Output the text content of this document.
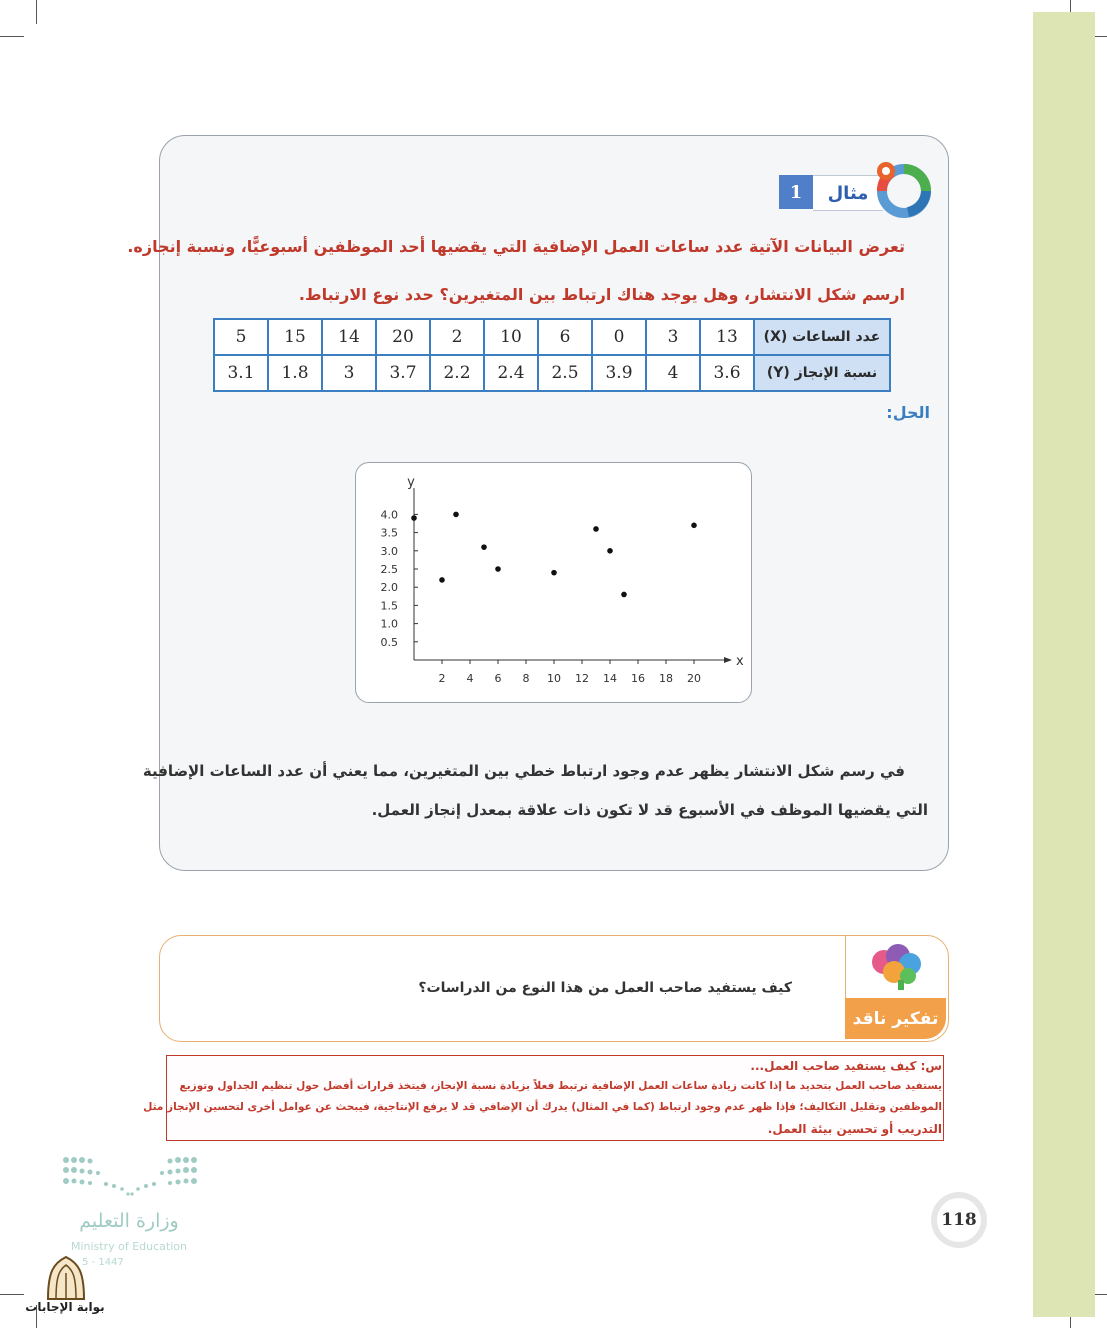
مثال
1
تعرض البيانات الآتية عدد ساعات العمل الإضافية التي يقضيها أحد الموظفين أسبوعيًّا، ونسبة إنجازه.
ارسم شكل الانتشار، وهل يوجد هناك ارتباط بين المتغيرين؟ حدد نوع الارتباط.
5	15	14	20	2	10	6	0	3	13	عدد الساعات (X)
3.1	1.8	3	3.7	2.2	2.4	2.5	3.9	4	3.6	نسبة الإنجاز (Y)
الحل:
x
y
2 4 6 8 10 12 14 16 18 20
0.5
1.5
1.0
2.0
2.5
3.0
3.5
4.0
في رسم شكل الانتشار يظهر عدم وجود ارتباط خطي بين المتغيرين، مما يعني أن عدد الساعات الإضافية
التي يقضيها الموظف في الأسبوع قد لا تكون ذات علاقة بمعدل إنجاز العمل.
تفكير ناقد
كيف يستفيد صاحب العمل من هذا النوع من الدراسات؟
س: كيف يستفيد صاحب العمل...
يستفيد صاحب العمل بتحديد ما إذا كانت زيادة ساعات العمل الإضافية ترتبط فعلاً بزيادة نسبة الإنجاز، فيتخذ قرارات أفضل حول تنظيم الجداول وتوزيع
الموظفين وتقليل التكاليف؛ فإذا ظهر عدم وجود ارتباط (كما في المثال) يدرك أن الإضافي قد لا يرفع الإنتاجية، فيبحث عن عوامل أخرى لتحسين الإنجاز مثل
التدريب أو تحسين بيئة العمل.
وزارة التعليم
Ministry of Education
5 - 1447
بوابة الإجابات
118
